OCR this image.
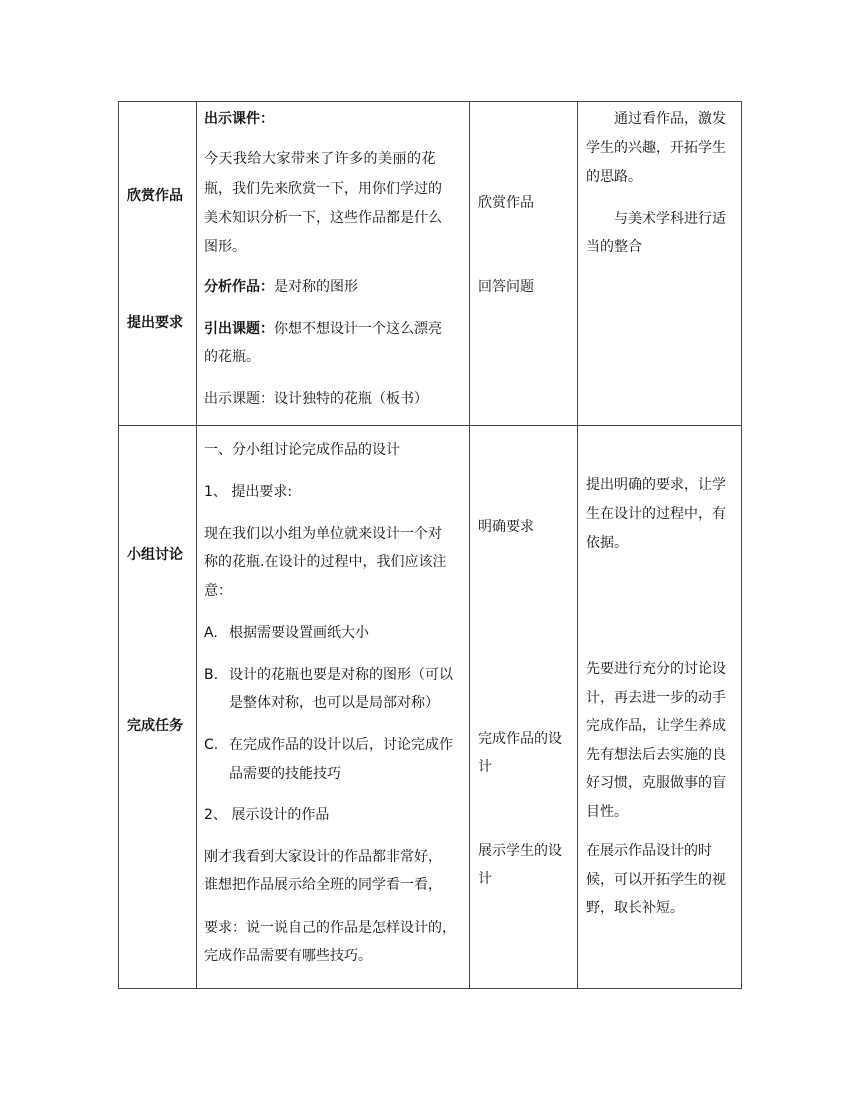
欣赏作品
提出要求
出示课件：
今天我给大家带来了许多的美丽的花
瓶，我们先来欣赏一下，用你们学过的
美术知识分析一下，这些作品都是什么
图形。
分析作品：是对称的图形
引出课题：你想不想设计一个这么漂亮
的花瓶。
出示课题：设计独特的花瓶（板书）
欣赏作品
回答问题
通过看作品，激发
学生的兴趣，开拓学生
的思路。
与美术学科进行适
当的整合
小组讨论
完成任务
一、分小组讨论完成作品的设计
1、 提出要求:
现在我们以小组为单位就来设计一个对
称的花瓶.在设计的过程中，我们应该注
意：
A. 根据需要设置画纸大小
B. 设计的花瓶也要是对称的图形（可以
是整体对称，也可以是局部对称）
C. 在完成作品的设计以后，讨论完成作
品需要的技能技巧
2、 展示设计的作品
刚才我看到大家设计的作品都非常好，
谁想把作品展示给全班的同学看一看，
要求：说一说自己的作品是怎样设计的，
完成作品需要有哪些技巧。
明确要求
完成作品的设
计
展示学生的设
计
提出明确的要求，让学
生在设计的过程中，有
依据。
先要进行充分的讨论设
计，再去进一步的动手
完成作品，让学生养成
先有想法后去实施的良
好习惯，克服做事的盲
目性。
在展示作品设计的时
候，可以开拓学生的视
野，取长补短。
